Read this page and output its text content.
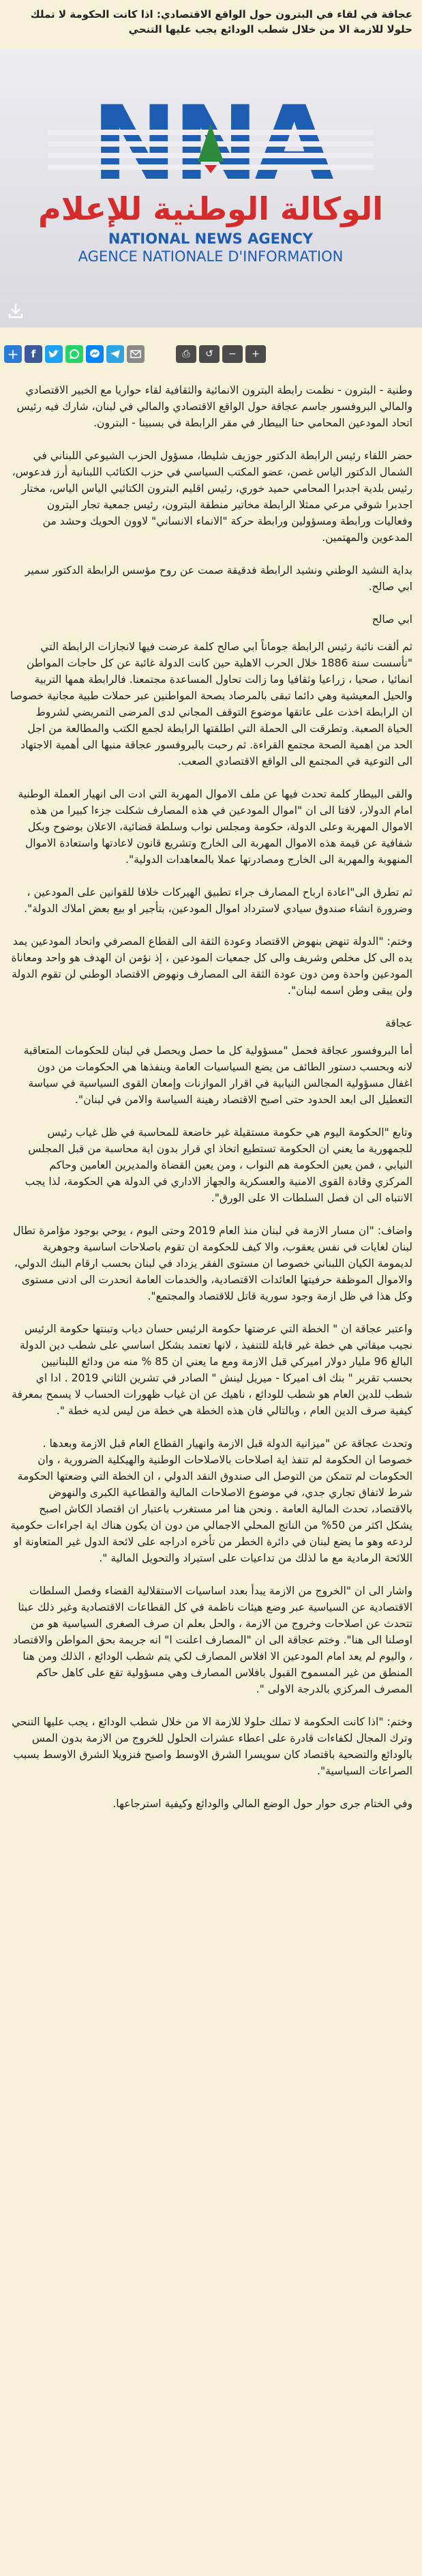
عجاقة في لقاء في البترون حول الواقع الاقتصادي: اذا كانت الحكومة لا تملك حلولا للازمة الا من خلال شطب الودائع يجب عليها التنحي
الوكالة الوطنية للإعلام
NATIONAL NEWS AGENCY
AGENCE NATIONALE D'INFORMATION
+ f	⎙ ↺ − +

وطنية - البترون - نظمت رابطة البترون الانمائية والثقافية لقاء حواريا مع الخبير الاقتصادي والمالي البروفسور جاسم عجاقة حول الواقع الاقتصادي والمالي في لبنان، شارك فيه رئيس اتحاد المودعين المحامي حنا البيطار في مقر الرابطة في بسبينا - البترون.

حضر اللقاء رئيس الرابطة الدكتور جوزيف شليطا، مسؤول الحزب الشيوعي اللبناني في الشمال الدكتور الياس غصن، عضو المكتب السياسي في حزب الكتائب اللبنانية أرز فدعوس، رئيس بلدية اجدبرا المحامي حميد خوري، رئيس اقليم البترون الكتائبي الياس الياس، مختار اجدبرا شوقي مرعي ممثلا الرابطة مخاتير منطقة البترون، رئيس جمعية تجار البترون وفعاليات ورابطة ومسؤولين ورابطة حركة "الانماء الانساني" لاوون الحويك وحشد من المدعوين والمهتمين.

بداية النشيد الوطني ونشيد الرابطة فدقيقة صمت عن روح مؤسس الرابطة الدكتور سمير ابي صالح.

ابي صالح

ثم ألقت نائبة رئيس الرابطة جوماناً ابي صالح كلمة عرضت فيها لانجازات الرابطة التي "تأسست سنة 1886 خلال الحرب الاهلية حين كانت الدولة غائبة عن كل حاجات المواطن انمائيا ، صحيا ، زراعيا وثقافيا وما زالت تحاول المساعدة مجتمعنا. فالرابطة همها التربية والحيل المعيشية وهي دائما تبقى بالمرصاد بصحة المواطنين عبر حملات طبية مجانية خصوصا ان الرابطة اخذت على عاتقها موضوع التوقف المجاني لدى المرضى التمريضي لشروط الحياة الصعبة. وتطرقت الى الحملة التي اطلقتها الرابطة لجمع الكتب والمطالعة من اجل الحد من اهمية الصحة مجتمع القراءة. ثم رحبت بالبروفسور عجاقة منبها الى أهمية الاجتهاد الى التوعية في المجتمع الى الواقع الاقتصادي الصعب.

والقى البيطار كلمة تحدث فيها عن ملف الاموال المهربة التي ادت الى انهيار العملة الوطنية امام الدولار، لافتا الى ان "اموال المودعين في هذه المصارف شكلت جزءا كبيرا من هذه الاموال المهربة وعلى الدولة، حكومة ومجلس نواب وسلطة قضائية، الاعلان بوضوح وبكل شفافية عن قيمة هذه الاموال المهربة الى الخارج وتشريع قانون لاعادتها واستعادة الاموال المنهوبة والمهربة الى الخارج ومصادرتها عملا بالمعاهدات الدولية".

ثم تطرق الى"اعادة ارباح المصارف جراء تطبيق الهيركات خلافا للقوانين على المودعين ، وضرورة انشاء صندوق سيادي لاسترداد اموال المودعين، بتأجير او بيع بعض املاك الدولة".

وختم: "الدولة تنهض بنهوض الاقتصاد وعودة الثقة الى القطاع المصرفي واتحاد المودعين يمد يده الى كل مخلص وشريف والى كل جمعيات المودعين ، إذ نؤمن ان الهدف هو واحد ومعاناة المودعين واحدة ومن دون عودة الثقة الى المصارف ونهوض الاقتصاد الوطني لن تقوم الدولة ولن يبقى وطن اسمه لبنان".

عجاقة

أما البروفسور عجاقة فحمل "مسؤولية كل ما حصل ويحصل في لبنان للحكومات المتعاقبة لانه وبحسب دستور الطائف من يضع السياسيات العامة وينفذها هي الحكومات من دون اغفال مسؤولية المجالس النيابية في اقرار الموازنات وإمعان القوى السياسية في سياسة التعطيل الى ابعد الحدود حتى اصبح الاقتصاد رهينة السياسة والامن في لبنان".

وتابع "الحكومة اليوم هي حكومة مستقيلة غير خاضعة للمحاسبة في ظل غياب رئيس للجمهورية ما يعني ان الحكومة تستطيع اتخاذ اي قرار بدون اية محاسبة من قبل المجلس النيابي ، فمن يعين الحكومة هم النواب ، ومن يعين القضاة والمديرين العامين وحاكم المركزي وقادة القوى الامنية والعسكرية والجهاز الاداري في الدولة هي الحكومة، لذا يجب الانتباه الى ان فصل السلطات الا على الورق".

واضاف: "ان مسار الازمة في لبنان منذ العام 2019 وحتى اليوم ، يوحي بوجود مؤامرة تطال لبنان لغايات في نفس يعقوب، والا كيف للحكومة ان تقوم باصلاحات اساسية وجوهرية لديمومة الكيان اللبناني خصوصا ان مستوى الفقر يزداد في لبنان بحسب ارقام البنك الدولي، والاموال الموظفة حرفيتها العائدات الاقتصادية، والخدمات العامة انحدرت الى ادنى مستوى وكل هذا في ظل ازمة وجود سورية قاتل للاقتصاد والمجتمع".

واعتبر عجاقة ان " الخطة التي عرضتها حكومة الرئيس حسان دياب وتبنتها حكومة الرئيس نجيب ميقاتي هي خطة غير قابلة للتنفيذ ، لانها تعتمد بشكل اساسي على شطب دين الدولة البالغ 96 مليار دولار اميركي قبل الازمة ومع ما يعني ان 85 % منه من ودائع اللبنانيين بحسب تقرير " بنك اف اميركا - ميريل لينش " الصادر في تشرين الثاني 2019 . ادا اي شطب للدين العام هو شطب للودائع ، ناهيك عن ان غياب ظهورات الحساب لا يسمح بمعرفة كيفية صرف الدين العام ، وبالتالي فان هذه الخطة هي خطة من ليس لديه خطة ".

وتحدث عجاقة عن "ميزانية الدولة قبل الازمة وانهيار القطاع العام قبل الازمة وبعدها . خصوصا ان الحكومة لم تنفذ اية اصلاحات بالاصلاحات الوطنية والهيكلية الضرورية ، وان الحكومات لم تتمكن من التوصل الى صندوق النقد الدولي ، ان الخطة التي وضعتها الحكومة شرط لاتفاق تجاري جدي، في موضوع الاصلاحات المالية والقطاعية الكبرى والنهوض بالاقتصاد، تحدث المالية العامة . ونحن هنا امر مستغرب باعتبار ان اقتصاد الكاش اصبح يشكل اكثر من 50% من الناتج المحلي الاجمالي من دون ان يكون هناك اية اجراءات حكومية لردعه وهو ما يضع لبنان في دائرة الخطر من تأخره ادراجه على لائحة الدول غير المتعاونة او اللائحة الرمادية مع ما لذلك من تداعيات على استيراد والتحويل المالية ".

واشار الى ان "الخروج من الازمة يبدأ بعدد اساسيات الاستقلالية القضاء وفصل السلطات الاقتصادية عن السياسية عبر وضع هيئات ناظمة في كل القطاعات الاقتصادية وغير ذلك عبثا تتحدث عن اصلاحات وخروج من الازمة ، والحل بعلم ان صرف الصغرى السياسية هو من اوصلنا الى هنا". وختم عجاقة الى ان "المصارف اعلنت ا" انه جريمة بحق المواطن والاقتصاد ، واليوم لم يعد امام المودعين الا افلاس المصارف لكي يتم شطب الودائع ، الذلك ومن هنا المنطق من غير المسموح القبول بافلاس المصارف وهي مسؤولية تقع على كاهل حاكم المصرف المركزي بالدرجة الاولى ".

وختم: "اذا كانت الحكومة لا تملك حلولا للازمة الا من خلال شطب الودائع ، يجب عليها التنحي وترك المجال لكفاءات قادرة على اعطاء عشرات الحلول للخروج من الازمة بدون المس بالودائع والتضحية باقتصاد كان سويسرا الشرق الاوسط واصبح فنزويلا الشرق الاوسط بسبب الصراعات السياسية".

وفي الختام جرى حوار حول الوضع المالي والودائع وكيفية استرجاعها.
